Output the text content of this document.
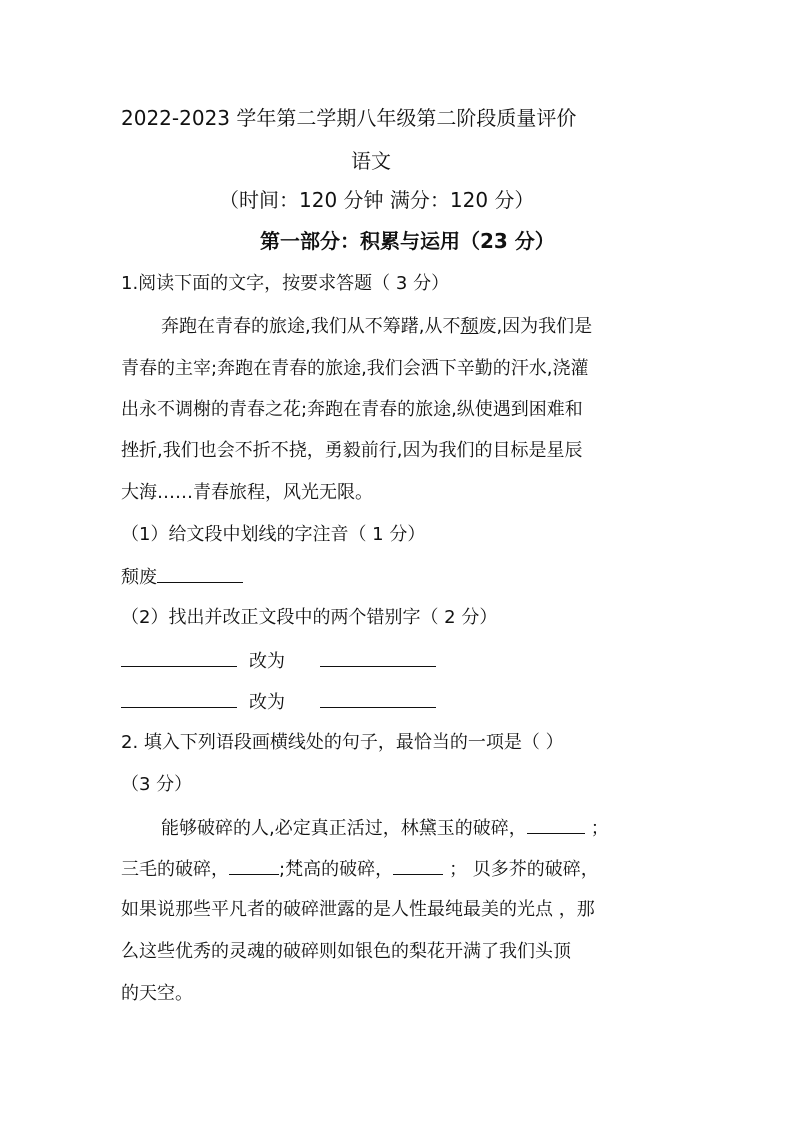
2022-2023 学年第二学期八年级第二阶段质量评价
语文
（时间：120 分钟 满分：120 分）
第一部分：积累与运用（23 分）
1.阅读下面的文字，按要求答题（ 3 分）
奔跑在青春的旅途,我们从不筹躇,从不颓废,因为我们是
青春的主宰;奔跑在青春的旅途,我们会洒下辛勤的汗水,浇灌
出永不调榭的青春之花;奔跑在青春的旅途,纵使遇到困难和
挫折,我们也会不折不挠，勇毅前行,因为我们的目标是星辰
大海……青春旅程，风光无限。
（1）给文段中划线的字注音（ 1 分）
颓废
（2）找出并改正文段中的两个错别字（ 2 分）
改为
改为
2. 填入下列语段画横线处的句子，最恰当的一项是（ ）
（3 分）
能够破碎的人,必定真正活过，林黛玉的破碎，	；
三毛的破碎，	;梵高的破碎，	； 贝多芥的破碎，
如果说那些平凡者的破碎泄露的是人性最纯最美的光点 ，那
么这些优秀的灵魂的破碎则如银色的梨花开满了我们头顶
的天空。
